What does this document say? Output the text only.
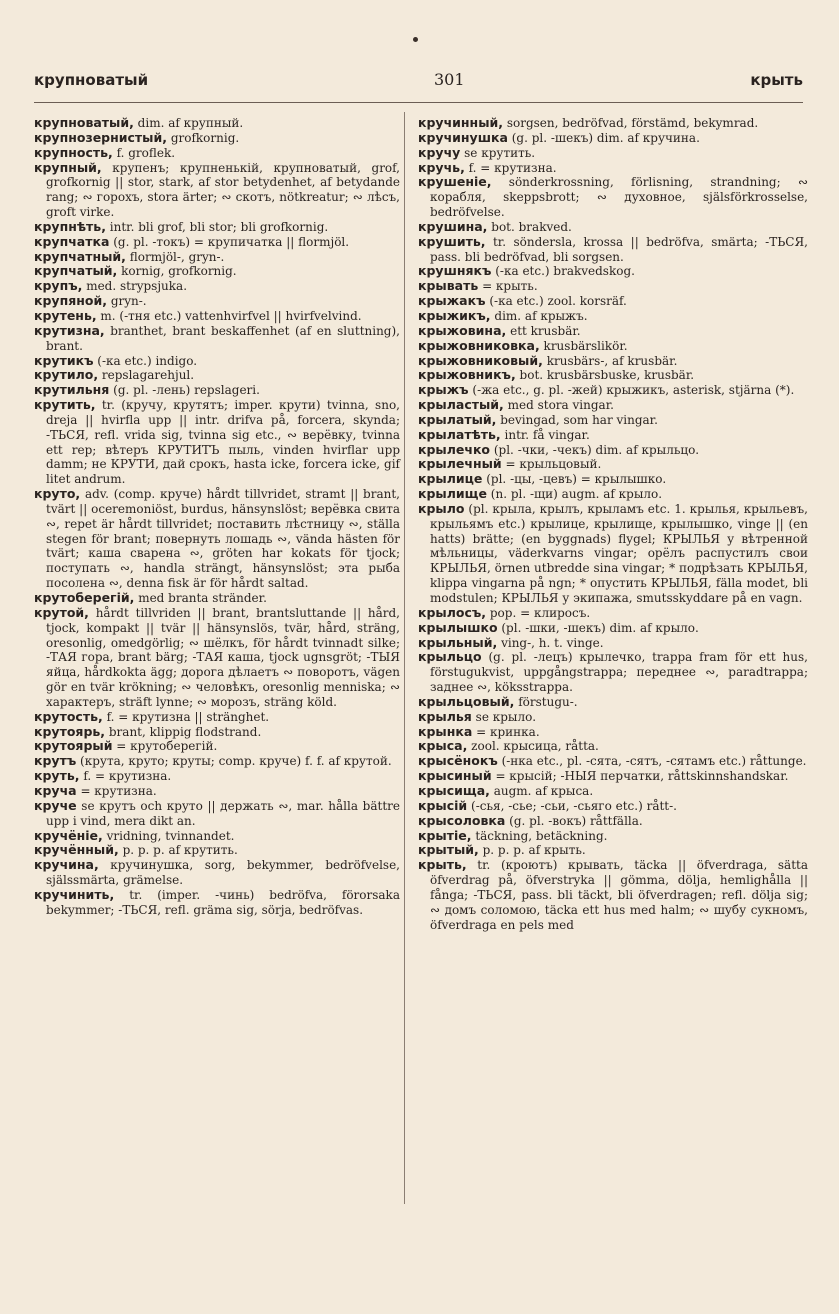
крупноватый	301	крыть

крупноватый, dim. af крупный.

крупнозернистый, grofkornig.

крупность, f. groflek.

крупный, крупенъ; крупненькій, крупноватый, grof, grofkornig || stor, stark, af stor betydenhet, af betydande rang; ∾ горохъ, stora ärter; ∾ скотъ, nötkreatur; ∾ лѣсъ, groft virke.

крупнѣть, intr. bli grof, bli stor; bli grofkornig.

крупчатка (g. pl. -токъ) = крупичатка || flormjöl.

крупчатный, flormjöl-, gryn-.

крупчатый, kornig, grofkornig.

крупъ, med. strypsjuka.

крупяной, gryn-.

крутень, m. (-тня etc.) vattenhvirfvel || hvirfvelvind.

крутизна, branthet, brant beskaffenhet (af en sluttning), brant.

крутикъ (-ка etc.) indigo.

крутило, repslagarehjul.

крутильня (g. pl. -лень) repslageri.

крутить, tr. (кручу, крутятъ; imper. крути) tvinna, sno, dreja || hvirfla upp || intr. drifva på, forcera, skynda; -ТЬСЯ, refl. vrida sig, tvinna sig etc., ∾ верёвку, tvinna ett rep; вѣтеръ КРУТИТЪ пыль, vinden hvirflar upp damm; не КРУТИ, дай срокъ, hasta icke, forcera icke, gif litet andrum.

круто, adv. (comp. круче) hårdt tillvridet, stramt || brant, tvärt || oceremoniöst, burdus, hänsynslöst; верёвка свита ∾, repet är hårdt tillvridet; поставить лѣстницу ∾, ställa stegen för brant; повернуть лошадь ∾, vända hästen för tvärt; каша сварена ∾, gröten har kokats för tjock; поступать ∾, handla strängt, hänsynslöst; эта рыба посолена ∾, denna fisk är för hårdt saltad.

крутоберегій, med branta stränder.

крутой, hårdt tillvriden || brant, brantsluttande || hård, tjock, kompakt || tvär || hänsynslös, tvär, hård, sträng, oresonlig, omedgörlig; ∾ шёлкъ, för hårdt tvinnadt silke; -ТАЯ гора, brant bärg; -ТАЯ каша, tjock ugnsgröt; -ТЫЯ яйца, hårdkokta ägg; дорога дѣлаетъ ∾ поворотъ, vägen gör en tvär krökning; ∾ человѣкъ, oresonlig menniska; ∾ характеръ, sträft lynne; ∾ морозъ, sträng köld.

крутость, f. = крутизна || stränghet.

крутоярь, brant, klippig flodstrand.

крутоярый = крутоберегій.

крутъ (крута, круто; круты; comp. круче) f. f. af крутой.

круть, f. = крутизна.

круча = крутизна.

круче se крутъ och круто || держать ∾, mar. hålla bättre upp i vind, mera dikt an.

кручёніе, vridning, tvinnandet.

кручённый, p. p. p. af крутить.

кручина, кручинушка, sorg, bekymmer, bedröfvelse, själssmärta, grämelse.

кручинить, tr. (imper. -чинь) bedröfva, förorsaka bekymmer; -ТЬСЯ, refl. gräma sig, sörja, bedröfvas.

кручинный, sorgsen, bedröfvad, förstämd, bekymrad.

кручинушка (g. pl. -шекъ) dim. af кручина.

кручу se крутить.

кручь, f. = крутизна.

крушеніе, sönderkrossning, förlisning, strandning; ∾ корабля, skeppsbrott; ∾ духовное, själsförkrosselse, bedröfvelse.

крушина, bot. brakved.

крушить, tr. söndersla, krossa || bedröfva, smärta; -ТЬСЯ, pass. bli bedröfvad, bli sorgsen.

крушнякъ (-ка etc.) brakvedskog.

крывать = крыть.

крыжакъ (-ка etc.) zool. korsräf.

крыжикъ, dim. af крыжъ.

крыжовина, ett krusbär.

крыжовниковка, krusbärslikör.

крыжовниковый, krusbärs-, af krusbär.

крыжовникъ, bot. krusbärsbuske, krusbär.

крыжъ (-жа etc., g. pl. -жей) крыжикъ, asterisk, stjärna (*).

крыластый, med stora vingar.

крылатый, bevingad, som har vingar.

крылатѣть, intr. få vingar.

крылечко (pl. -чки, -чекъ) dim. af крыльцо.

крылечный = крыльцовый.

крылице (pl. -цы, -цевъ) = крылышко.

крылище (n. pl. -щи) augm. af крыло.

крыло (pl. крыла, крылъ, крыламъ etc. 1. крылья, крыльевъ, крыльямъ etc.) крылице, крылище, крылышко, vinge || (en hatts) brätte; (en byggnads) flygel; КРЫЛЬЯ у вѣтренной мѣльницы, väderkvarns vingar; орёлъ распустилъ свои КРЫЛЬЯ, örnen utbredde sina vingar; * подрѣзать КРЫЛЬЯ, klippa vingarna på ngn; * опустить КРЫЛЬЯ, fälla modet, bli modstulen; КРЫЛЬЯ у экипажа, smutsskyddare på en vagn.

крылосъ, pop. = клиросъ.

крылышко (pl. -шки, -шекъ) dim. af крыло.

крыльный, ving-, h. t. vinge.

крыльцо (g. pl. -лецъ) крылечко, trappa fram för ett hus, förstugukvist, uppgångstrappa; переднее ∾, paradtrappa; заднее ∾, köksstrappa.

крыльцовый, förstugu-.

крылья se крыло.

крынка = кринка.

крыса, zool. крысица, råtta.

крысёнокъ (-нка etc., pl. -сята, -сятъ, -сятамъ etc.) råttunge.

крысиный = крысій; -НЫЯ перчатки, råttskinnshandskar.

крысища, augm. af крыса.

крысій (-сья, -сье; -сьи, -сьяго etc.) rått-.

крысоловка (g. pl. -вокъ) råttfälla.

крытіе, täckning, betäckning.

крытый, p. p. p. af крыть.

крыть, tr. (кроютъ) крывать, täcka || öfverdraga, sätta öfverdrag på, öfverstryka || gömma, dölja, hemlighålla || fånga; -ТЬСЯ, pass. bli täckt, bli öfverdragen; refl. dölja sig; ∾ домъ соломою, täcka ett hus med halm; ∾ шубу сукномъ, öfverdraga en pels med
